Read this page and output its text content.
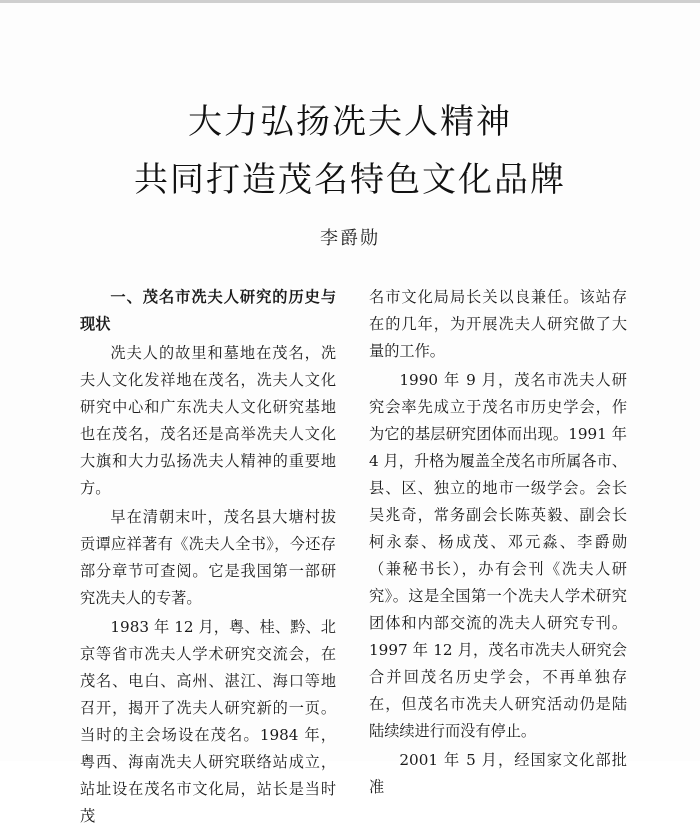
大力弘扬冼夫人精神
共同打造茂名特色文化品牌
李爵勋
一、茂名市冼夫人研究的历史与现状

冼夫人的故里和墓地在茂名，冼夫人文化发祥地在茂名，冼夫人文化研究中心和广东冼夫人文化研究基地也在茂名，茂名还是高举冼夫人文化大旗和大力弘扬冼夫人精神的重要地方。

早在清朝末叶，茂名县大塘村拔贡谭应祥著有《冼夫人全书》，今还存部分章节可查阅。它是我国第一部研究冼夫人的专著。

1983 年 12 月，粤、桂、黔、北京等省市冼夫人学术研究交流会，在茂名、电白、高州、湛江、海口等地召开，揭开了冼夫人研究新的一页。当时的主会场设在茂名。1984 年，粤西、海南冼夫人研究联络站成立，站址设在茂名市文化局，站长是当时茂

名市文化局局长关以良兼任。该站存在的几年，为开展冼夫人研究做了大量的工作。

1990 年 9 月，茂名市冼夫人研究会率先成立于茂名市历史学会，作为它的基层研究团体而出现。1991 年 4 月，升格为履盖全茂名市所属各市、县、区、独立的地市一级学会。会长吴兆奇，常务副会长陈英毅、副会长柯永泰、杨成茂、邓元淼、李爵勋（兼秘书长），办有会刊《冼夫人研究》。这是全国第一个冼夫人学术研究团体和内部交流的冼夫人研究专刊。1997 年 12 月，茂名市冼夫人研究会合并回茂名历史学会，不再单独存在，但茂名市冼夫人研究活动仍是陆陆续续进行而没有停止。

2001 年 5 月，经国家文化部批准
